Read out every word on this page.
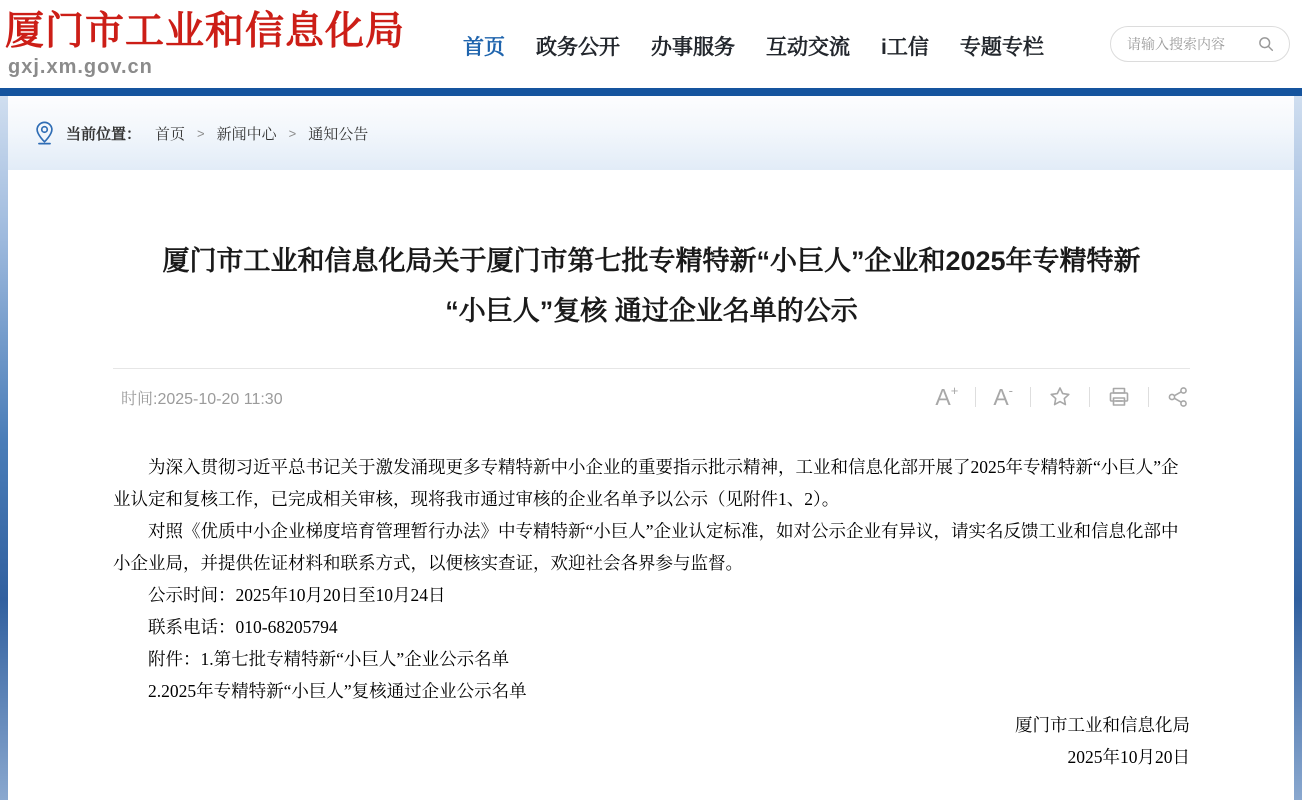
厦门市工业和信息化局
gxj.xm.gov.cn
首页 政务公开 办事服务 互动交流 i工信 专题专栏
请输入搜索内容
当前位置： 首页 > 新闻中心 > 通知公告
厦门市工业和信息化局关于厦门市第七批专精特新“小巨人”企业和2025年专精特新
“小巨人”复核 通过企业名单的公示
时间:2025-10-20 11:30	A+ A-

为深入贯彻习近平总书记关于激发涌现更多专精特新中小企业的重要指示批示精神，工业和信息化部开展了2025年专精特新“小巨人”企业认定和复核工作，已完成相关审核，现将我市通过审核的企业名单予以公示（见附件1、2）。

对照《优质中小企业梯度培育管理暂行办法》中专精特新“小巨人”企业认定标准，如对公示企业有异议，请实名反馈工业和信息化部中小企业局，并提供佐证材料和联系方式，以便核实查证，欢迎社会各界参与监督。

公示时间：2025年10月20日至10月24日

联系电话：010-68205794

附件：1.第七批专精特新“小巨人”企业公示名单

2.2025年专精特新“小巨人”复核通过企业公示名单

厦门市工业和信息化局

2025年10月20日
